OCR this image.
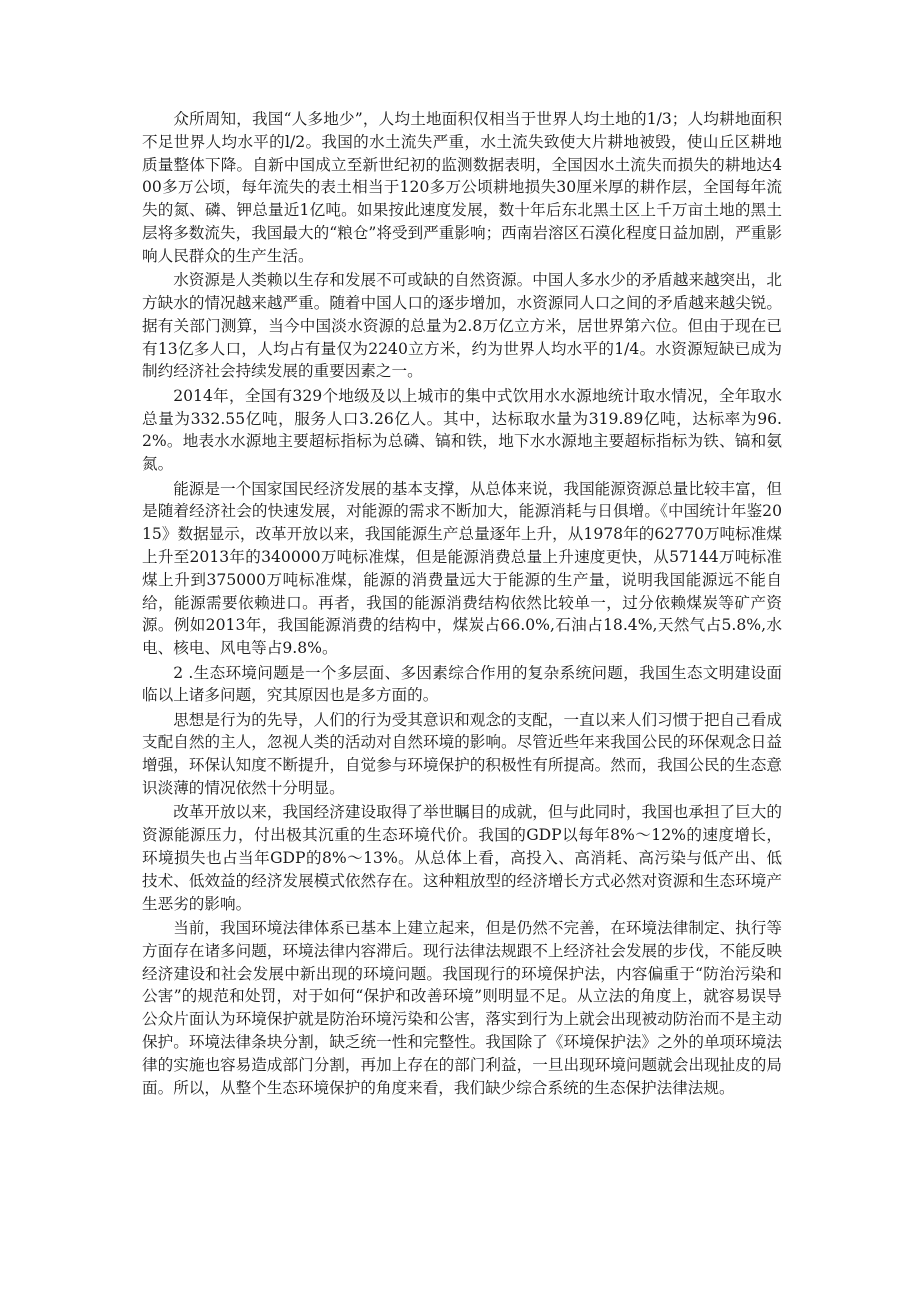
众所周知，我国“人多地少”，人均土地面积仅相当于世界人均土地的1/3；人均耕地面积不足世界人均水平的l/2。我国的水土流失严重，水土流失致使大片耕地被毁，使山丘区耕地质量整体下降。自新中国成立至新世纪初的监测数据表明，全国因水土流失而损失的耕地达400多万公顷，每年流失的表土相当于120多万公顷耕地损失30厘米厚的耕作层，全国每年流失的氮、磷、钾总量近1亿吨。如果按此速度发展，数十年后东北黑土区上千万亩土地的黑土层将多数流失，我国最大的“粮仓”将受到严重影响；西南岩溶区石漠化程度日益加剧，严重影响人民群众的生产生活。

水资源是人类赖以生存和发展不可或缺的自然资源。中国人多水少的矛盾越来越突出，北方缺水的情况越来越严重。随着中国人口的逐步增加，水资源同人口之间的矛盾越来越尖锐。据有关部门测算，当今中国淡水资源的总量为2.8万亿立方米，居世界第六位。但由于现在已有13亿多人口，人均占有量仅为2240立方米，约为世界人均水平的1/4。水资源短缺已成为制约经济社会持续发展的重要因素之一。

2014年，全国有329个地级及以上城市的集中式饮用水水源地统计取水情况，全年取水总量为332.55亿吨，服务人口3.26亿人。其中，达标取水量为319.89亿吨，达标率为96.2%。地表水水源地主要超标指标为总磷、镐和铁，地下水水源地主要超标指标为铁、镐和氨氮。

能源是一个国家国民经济发展的基本支撑，从总体来说，我国能源资源总量比较丰富，但是随着经济社会的快速发展，对能源的需求不断加大，能源消耗与日俱增。《中国统计年鉴2015》数据显示，改革开放以来，我国能源生产总量逐年上升，从1978年的62770万吨标准煤上升至2013年的340000万吨标准煤，但是能源消费总量上升速度更快，从57144万吨标准煤上升到375000万吨标准煤，能源的消费量远大于能源的生产量，说明我国能源远不能自给，能源需要依赖进口。再者，我国的能源消费结构依然比较单一，过分依赖煤炭等矿产资源。例如2013年，我国能源消费的结构中，煤炭占66.0%,石油占18.4%,天然气占5.8%,水电、核电、风电等占9.8%。

2 .生态环境问题是一个多层面、多因素综合作用的复杂系统问题，我国生态文明建设面临以上诸多问题，究其原因也是多方面的。

思想是行为的先导，人们的行为受其意识和观念的支配，一直以来人们习惯于把自己看成支配自然的主人，忽视人类的活动对自然环境的影响。尽管近些年来我国公民的环保观念日益增强，环保认知度不断提升，自觉参与环境保护的积极性有所提高。然而，我国公民的生态意识淡薄的情况依然十分明显。

改革开放以来，我国经济建设取得了举世瞩目的成就，但与此同时，我国也承担了巨大的资源能源压力，付出极其沉重的生态环境代价。我国的GDP以每年8%〜12%的速度增长，环境损失也占当年GDP的8%〜13%。从总体上看，高投入、高消耗、高污染与低产出、低技术、低效益的经济发展模式依然存在。这种粗放型的经济增长方式必然对资源和生态环境产生恶劣的影响。

当前，我国环境法律体系已基本上建立起来，但是仍然不完善，在环境法律制定、执行等方面存在诸多问题，环境法律内容滞后。现行法律法规跟不上经济社会发展的步伐，不能反映经济建设和社会发展中新出现的环境问题。我国现行的环境保护法，内容偏重于“防治污染和公害”的规范和处罚，对于如何“保护和改善环境”则明显不足。从立法的角度上，就容易误导公众片面认为环境保护就是防治环境污染和公害，落实到行为上就会出现被动防治而不是主动保护。环境法律条块分割，缺乏统一性和完整性。我国除了《环境保护法》之外的单项环境法律的实施也容易造成部门分割，再加上存在的部门利益，一旦出现环境问题就会出现扯皮的局面。所以，从整个生态环境保护的角度来看，我们缺少综合系统的生态保护法律法规。
